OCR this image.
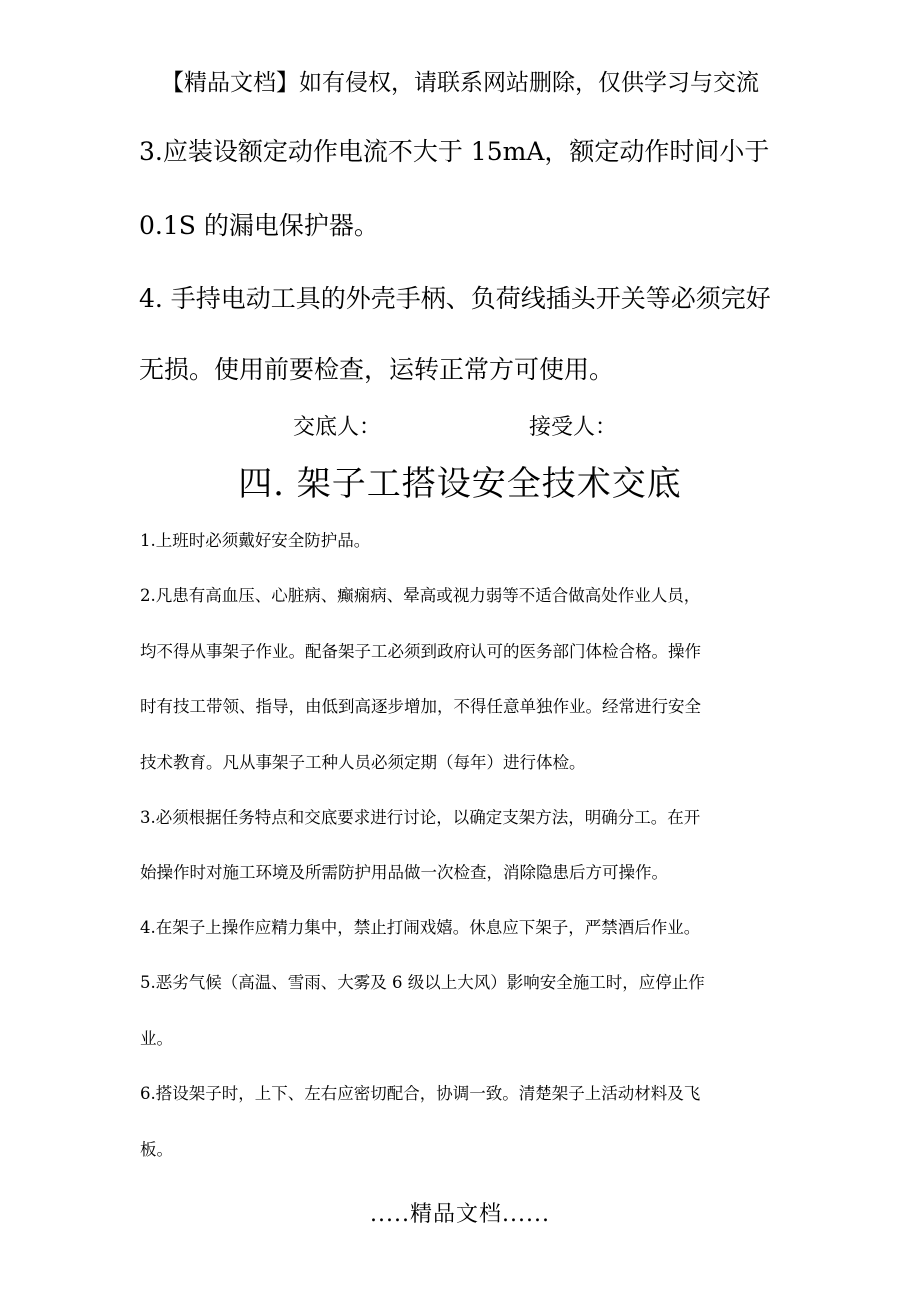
【精品文档】如有侵权，请联系网站删除，仅供学习与交流
3.应装设额定动作电流不大于 15mA，额定动作时间小于
0.1S 的漏电保护器。
4. 手持电动工具的外壳手柄、负荷线插头开关等必须完好
无损。使用前要检查，运转正常方可使用。
交底人：	接受人：
四. 架子工搭设安全技术交底
1.上班时必须戴好安全防护品。
2.凡患有高血压、心脏病、癫痫病、晕高或视力弱等不适合做高处作业人员，
均不得从事架子作业。配备架子工必须到政府认可的医务部门体检合格。操作
时有技工带领、指导，由低到高逐步增加，不得任意单独作业。经常进行安全
技术教育。凡从事架子工种人员必须定期（每年）进行体检。
3.必须根据任务特点和交底要求进行讨论，以确定支架方法，明确分工。在开
始操作时对施工环境及所需防护用品做一次检查，消除隐患后方可操作。
4.在架子上操作应精力集中，禁止打闹戏嬉。休息应下架子，严禁酒后作业。
5.恶劣气候（高温、雪雨、大雾及 6 级以上大风）影响安全施工时，应停止作
业。
6.搭设架子时，上下、左右应密切配合，协调一致。清楚架子上活动材料及飞
板。
.....精品文档......
